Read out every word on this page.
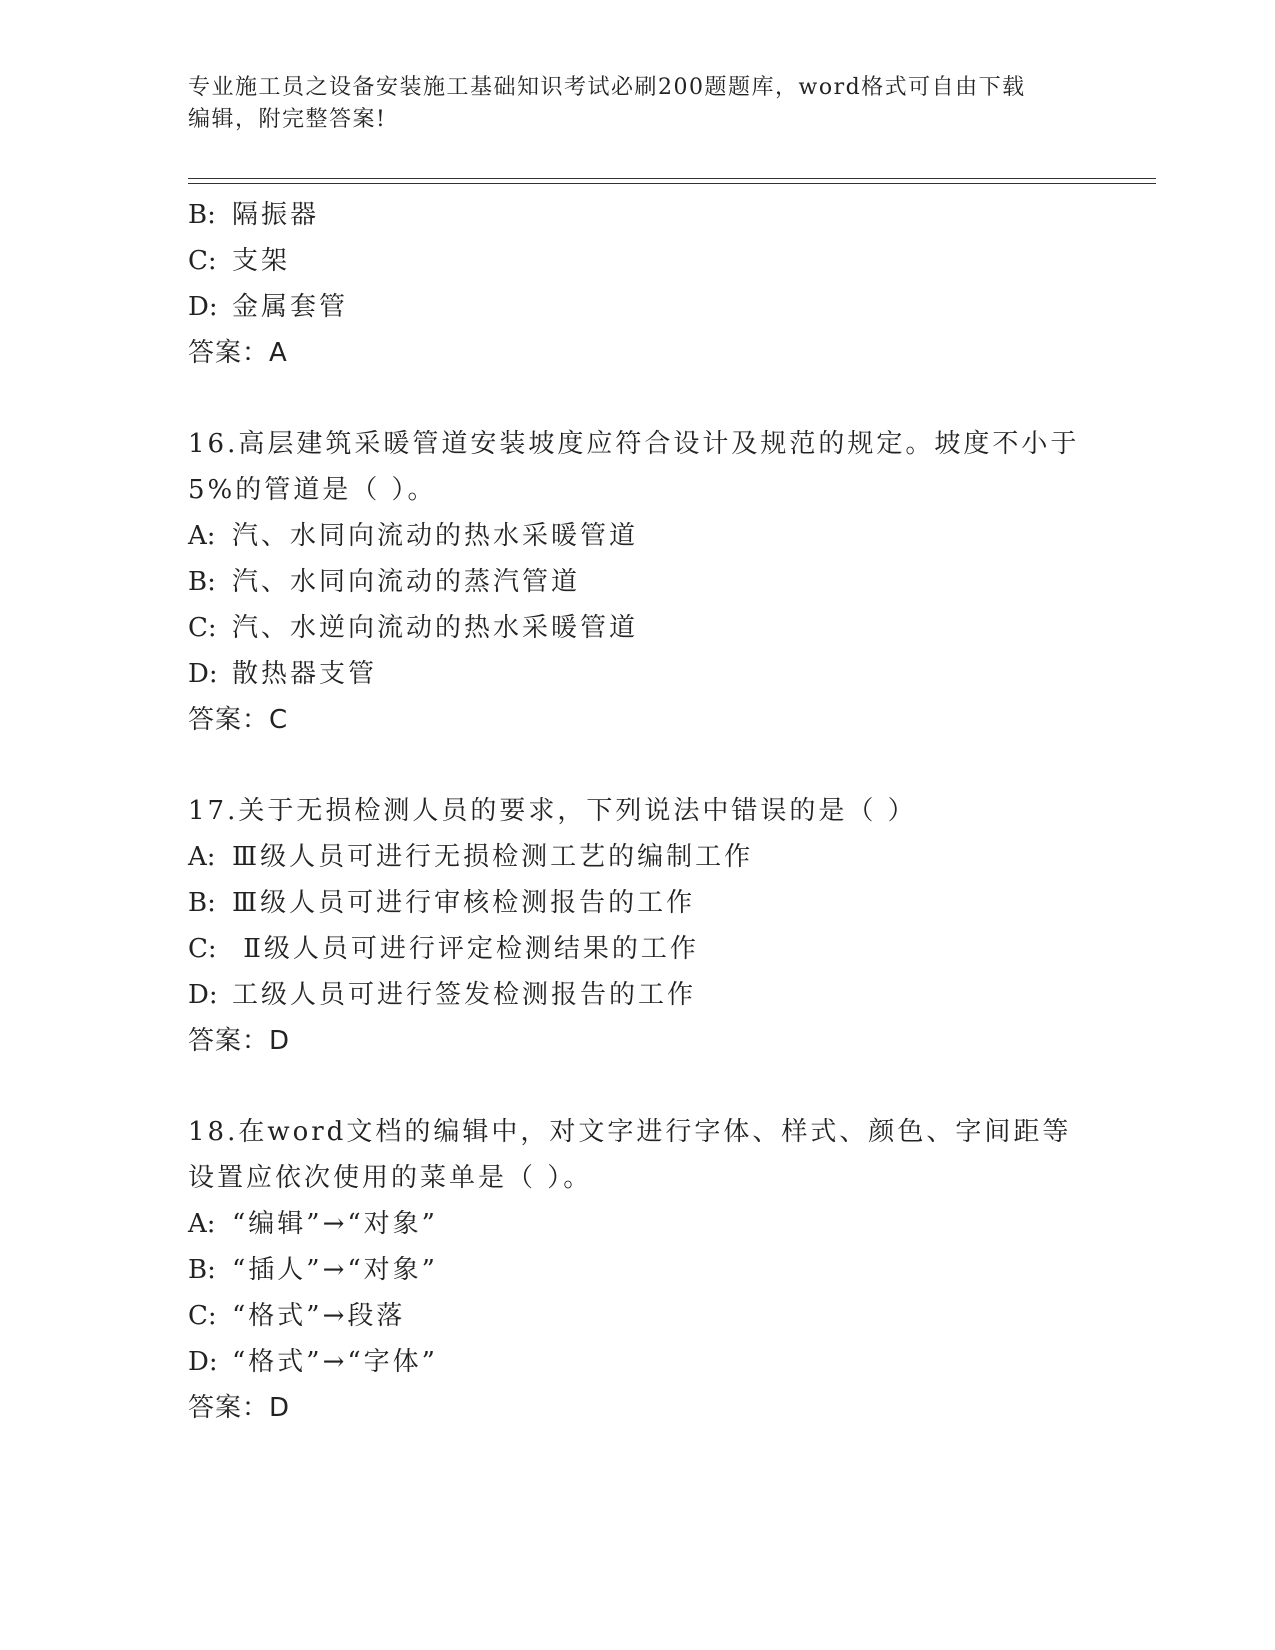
专业施工员之设备安装施工基础知识考试必刷200题题库，word格式可自由下载
编辑，附完整答案!
B: 隔振器
C: 支架
D: 金属套管
答案：A
16.高层建筑采暖管道安装坡度应符合设计及规范的规定。坡度不小于
5%的管道是（ ）。
A: 汽、水同向流动的热水采暖管道
B: 汽、水同向流动的蒸汽管道
C: 汽、水逆向流动的热水采暖管道
D: 散热器支管
答案：C
17.关于无损检测人员的要求，下列说法中错误的是（ ）
A: Ⅲ级人员可进行无损检测工艺的编制工作
B: Ⅲ级人员可进行审核检测报告的工作
C: Ⅱ级人员可进行评定检测结果的工作
D: 工级人员可进行签发检测报告的工作
答案：D
18.在word文档的编辑中，对文字进行字体、样式、颜色、字间距等
设置应依次使用的菜单是（ ）。
A: “编辑”→“对象”
B: “插人”→“对象”
C: “格式”→段落
D: “格式”→“字体”
答案：D
